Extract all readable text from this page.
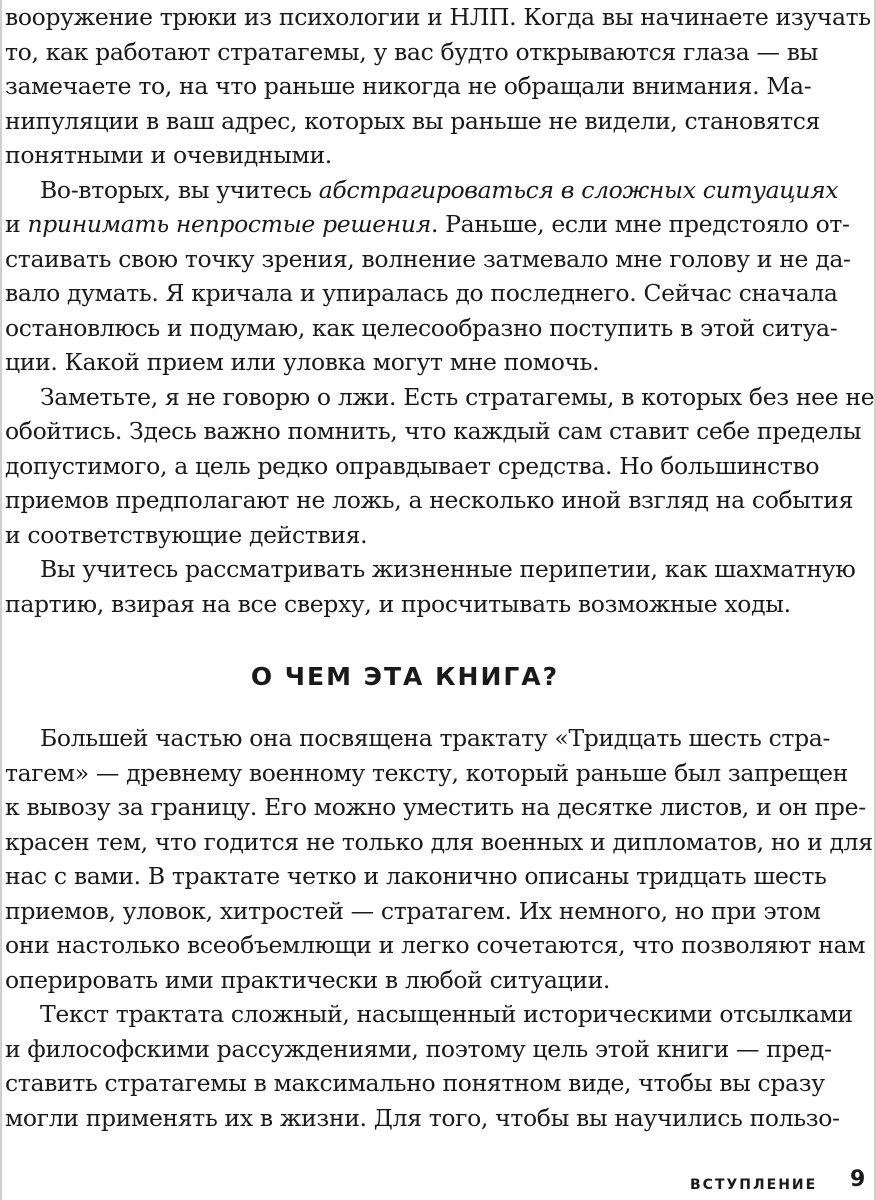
вооружение трюки из психологии и НЛП. Когда вы начинаете изучать
то, как работают стратагемы, у вас будто открываются глаза — вы
замечаете то, на что раньше никогда не обращали внимания. Ма-
нипуляции в ваш адрес, которых вы раньше не видели, становятся
понятными и очевидными.
Во-вторых, вы учитесь абстрагироваться в сложных ситуациях
и принимать непростые решения. Раньше, если мне предстояло от-
стаивать свою точку зрения, волнение затмевало мне голову и не да-
вало думать. Я кричала и упиралась до последнего. Сейчас сначала
остановлюсь и подумаю, как целесообразно поступить в этой ситуа-
ции. Какой прием или уловка могут мне помочь.
Заметьте, я не говорю о лжи. Есть стратагемы, в которых без нее не
обойтись. Здесь важно помнить, что каждый сам ставит себе пределы
допустимого, а цель редко оправдывает средства. Но большинство
приемов предполагают не ложь, а несколько иной взгляд на события
и соответствующие действия.
Вы учитесь рассматривать жизненные перипетии, как шахматную
партию, взирая на все сверху, и просчитывать возможные ходы.
О ЧЕМ ЭТА КНИГА?
Большей частью она посвящена трактату «Тридцать шесть стра-
тагем» — древнему военному тексту, который раньше был запрещен
к вывозу за границу. Его можно уместить на десятке листов, и он пре-
красен тем, что годится не только для военных и дипломатов, но и для
нас с вами. В трактате четко и лаконично описаны тридцать шесть
приемов, уловок, хитростей — стратагем. Их немного, но при этом
они настолько всеобъемлющи и легко сочетаются, что позволяют нам
оперировать ими практически в любой ситуации.
Текст трактата сложный, насыщенный историческими отсылками
и философскими рассуждениями, поэтому цель этой книги — пред-
ставить стратагемы в максимально понятном виде, чтобы вы сразу
могли применять их в жизни. Для того, чтобы вы научились пользо-
ВСТУПЛЕНИЕ 9
